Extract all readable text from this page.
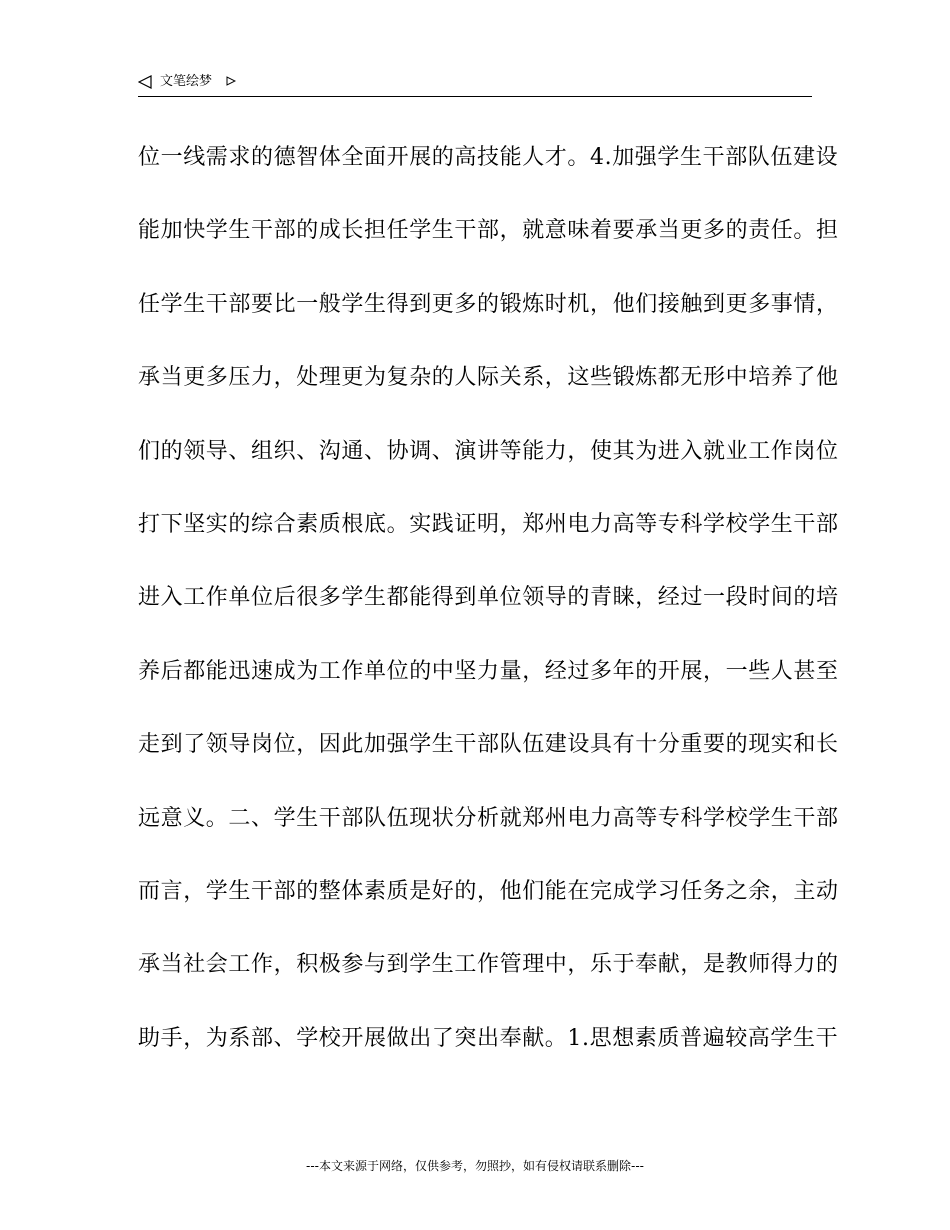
文笔绘梦
位一线需求的德智体全面开展的高技能人才。4.加强学生干部队伍建设
能加快学生干部的成长担任学生干部，就意味着要承当更多的责任。担
任学生干部要比一般学生得到更多的锻炼时机，他们接触到更多事情，
承当更多压力，处理更为复杂的人际关系，这些锻炼都无形中培养了他
们的领导、组织、沟通、协调、演讲等能力，使其为进入就业工作岗位
打下坚实的综合素质根底。实践证明，郑州电力高等专科学校学生干部
进入工作单位后很多学生都能得到单位领导的青睐，经过一段时间的培
养后都能迅速成为工作单位的中坚力量，经过多年的开展，一些人甚至
走到了领导岗位，因此加强学生干部队伍建设具有十分重要的现实和长
远意义。二、学生干部队伍现状分析就郑州电力高等专科学校学生干部
而言，学生干部的整体素质是好的，他们能在完成学习任务之余，主动
承当社会工作，积极参与到学生工作管理中，乐于奉献，是教师得力的
助手，为系部、学校开展做出了突出奉献。1.思想素质普遍较高学生干
---本文来源于网络，仅供参考，勿照抄，如有侵权请联系删除---
